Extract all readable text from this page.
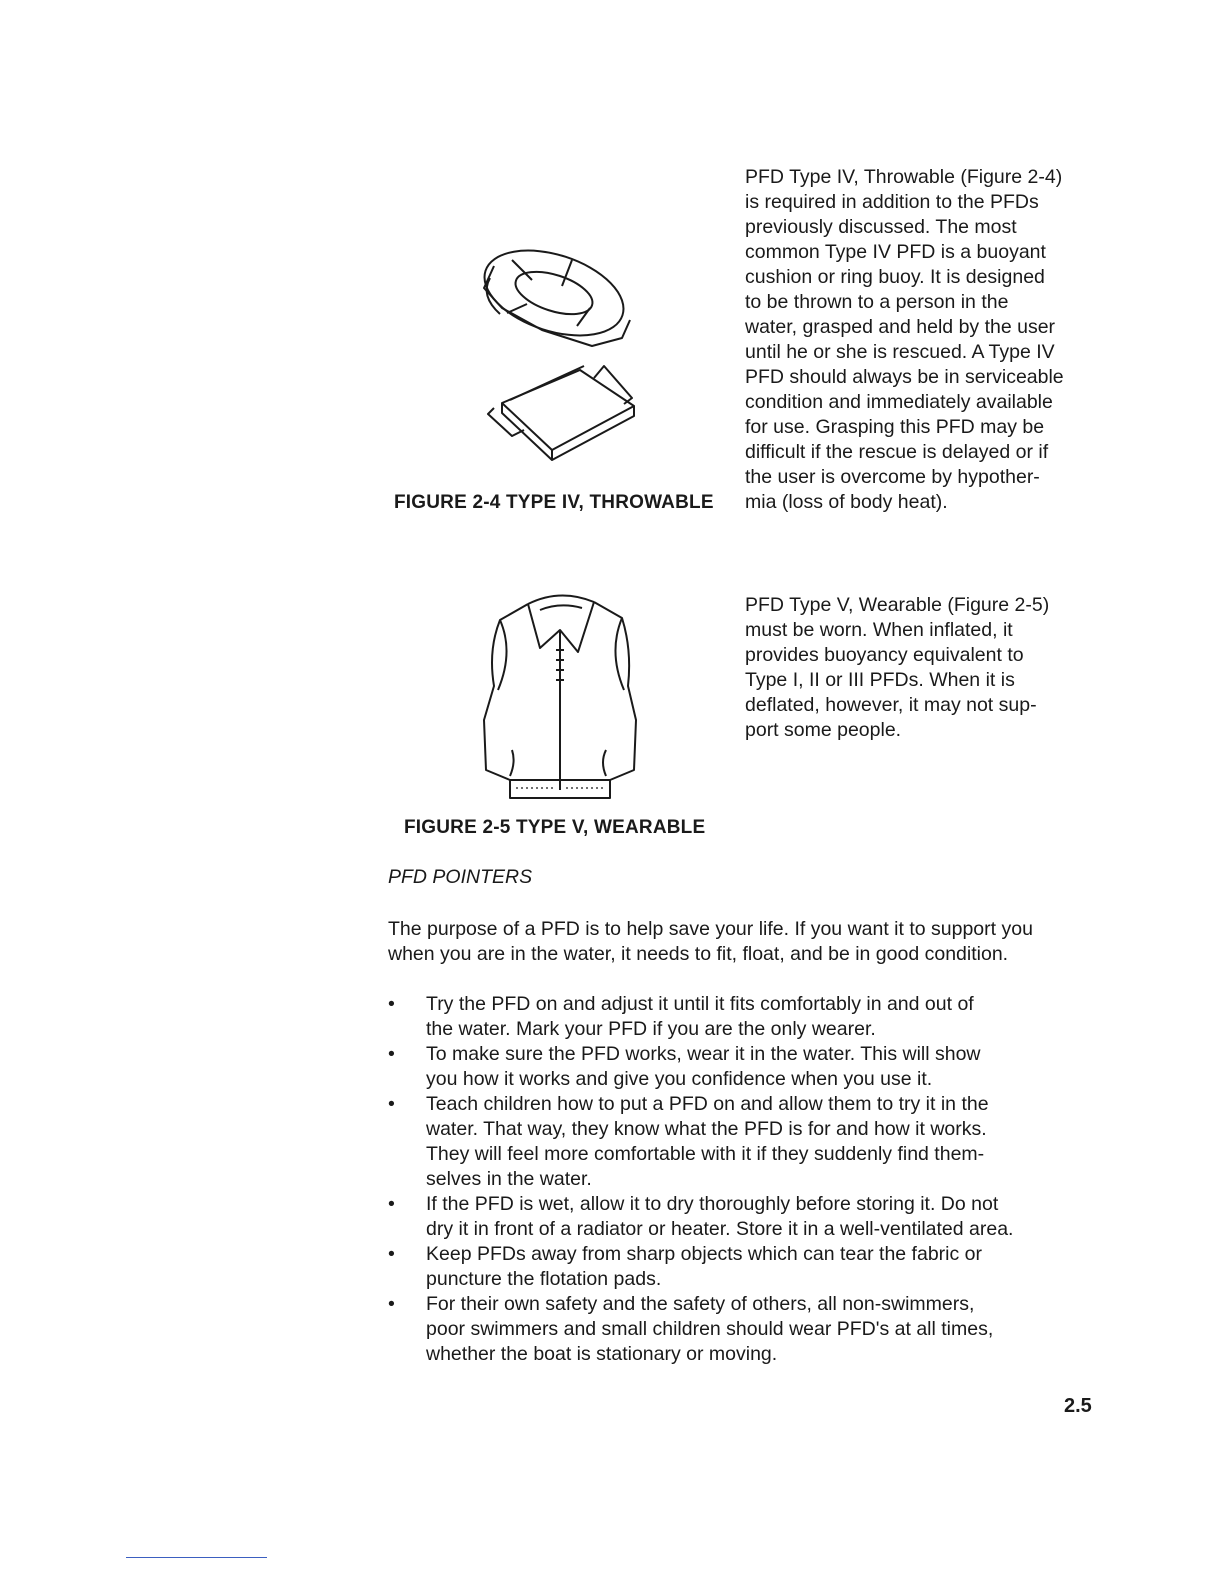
FIGURE 2-4 TYPE IV, THROWABLE

PFD Type IV, Throwable (Figure 2-4)

is required in addition to the PFDs

previously discussed. The most

common Type IV PFD is a buoyant

cushion or ring buoy. It is designed

to be thrown to a person in the

water, grasped and held by the user

until he or she is rescued. A Type IV

PFD should always be in serviceable

condition and immediately available

for use. Grasping this PFD may be

difficult if the rescue is delayed or if

the user is overcome by hypother-

mia (loss of body heat).

PFD Type V, Wearable (Figure 2-5)

must be worn. When inflated, it

provides buoyancy equivalent to

Type I, II or III PFDs. When it is

deflated, however, it may not sup-

port some people.

FIGURE 2-5 TYPE V, WEARABLE
PFD POINTERS

The purpose of a PFD is to help save your life. If you want it to support you

when you are in the water, it needs to fit, float, and be in good condition.

•	Try the PFD on and adjust it until it fits comfortably in and out of
the water. Mark your PFD if you are the only wearer.
•	To make sure the PFD works, wear it in the water. This will show
you how it works and give you confidence when you use it.
•	Teach children how to put a PFD on and allow them to try it in the
water. That way, they know what the PFD is for and how it works.
They will feel more comfortable with it if they suddenly find them-
selves in the water.
•	If the PFD is wet, allow it to dry thoroughly before storing it. Do not
dry it in front of a radiator or heater. Store it in a well-ventilated area.
•	Keep PFDs away from sharp objects which can tear the fabric or
puncture the flotation pads.
•	For their own safety and the safety of others, all non-swimmers,
poor swimmers and small children should wear PFD's at all times,
whether the boat is stationary or moving.
2.5
